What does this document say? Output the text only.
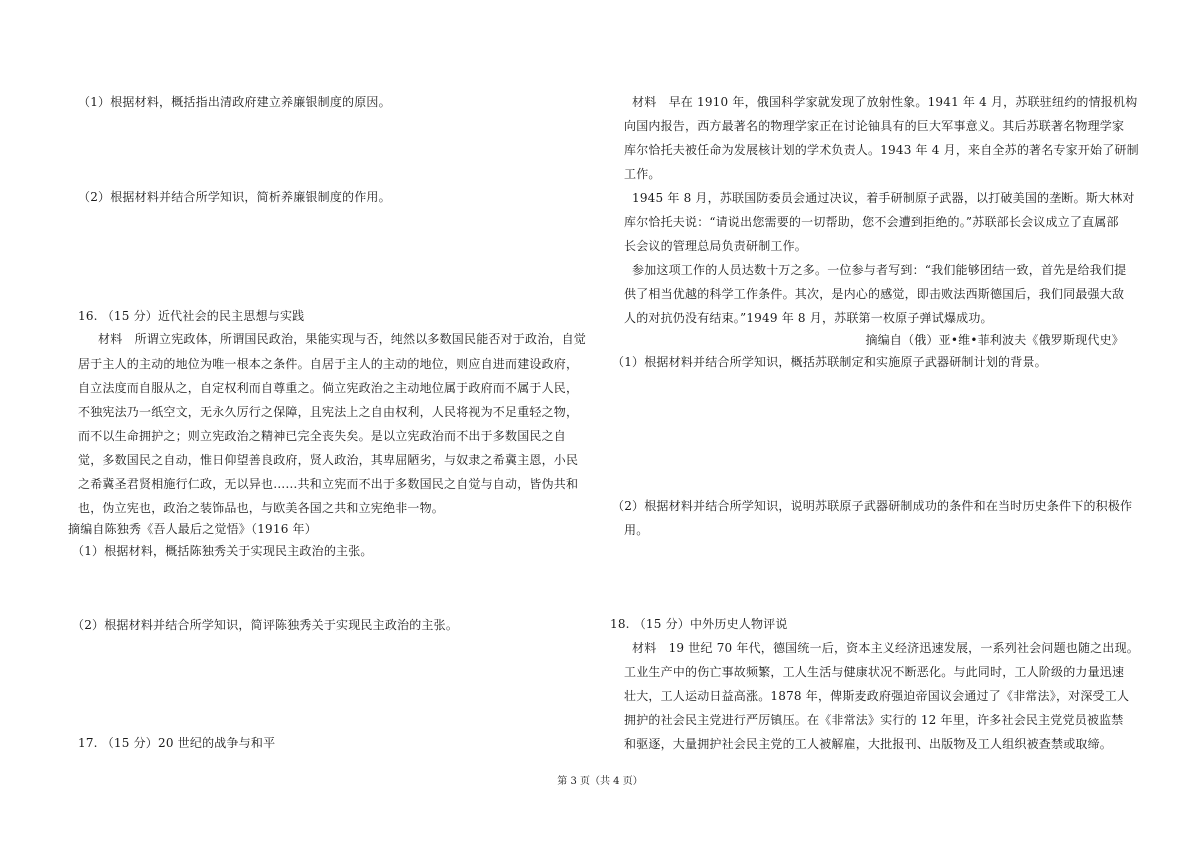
（1）根据材料，概括指出清政府建立养廉银制度的原因。
（2）根据材料并结合所学知识，简析养廉银制度的作用。
16. （15 分）近代社会的民主思想与实践
材料　所谓立宪政体，所谓国民政治，果能实现与否，纯然以多数国民能否对于政治，自觉
居于主人的主动的地位为唯一根本之条件。自居于主人的主动的地位，则应自进而建设政府，
自立法度而自服从之，自定权利而自尊重之。倘立宪政治之主动地位属于政府而不属于人民，
不独宪法乃一纸空文，无永久厉行之保障，且宪法上之自由权利，人民将视为不足重轻之物，
而不以生命拥护之；则立宪政治之精神已完全丧失矣。是以立宪政治而不出于多数国民之自
觉，多数国民之自动，惟日仰望善良政府，贤人政治，其卑屈陋劣，与奴隶之希冀主恩，小民
之希冀圣君贤相施行仁政，无以异也……共和立宪而不出于多数国民之自觉与自动，皆伪共和
也，伪立宪也，政治之装饰品也，与欧美各国之共和立宪绝非一物。
摘编自陈独秀《吾人最后之觉悟》（1916 年）
（1）根据材料，概括陈独秀关于实现民主政治的主张。
（2）根据材料并结合所学知识，简评陈独秀关于实现民主政治的主张。
17. （15 分）20 世纪的战争与和平
材料　早在 1910 年，俄国科学家就发现了放射性象。1941 年 4 月，苏联驻纽约的情报机构
向国内报告，西方最著名的物理学家正在讨论铀具有的巨大军事意义。其后苏联著名物理学家
库尔恰托夫被任命为发展核计划的学术负责人。1943 年 4 月，来自全苏的著名专家开始了研制
工作。
1945 年 8 月，苏联国防委员会通过决议，着手研制原子武器，以打破美国的垄断。斯大林对
库尔恰托夫说：“请说出您需要的一切帮助，您不会遭到拒绝的。”苏联部长会议成立了直属部
长会议的管理总局负责研制工作。
参加这项工作的人员达数十万之多。一位参与者写到：“我们能够团结一致，首先是给我们提
供了相当优越的科学工作条件。其次，是内心的感觉，即击败法西斯德国后，我们同最强大敌
人的对抗仍没有结束。”1949 年 8 月，苏联第一枚原子弹试爆成功。
摘编自（俄）亚•维•菲利波夫《俄罗斯现代史》
（1）根据材料并结合所学知识，概括苏联制定和实施原子武器研制计划的背景。
（2）根据材料并结合所学知识，说明苏联原子武器研制成功的条件和在当时历史条件下的积极作
用。
18. （15 分）中外历史人物评说
材料　19 世纪 70 年代，德国统一后，资本主义经济迅速发展，一系列社会问题也随之出现。
工业生产中的伤亡事故频繁，工人生活与健康状况不断恶化。与此同时，工人阶级的力量迅速
壮大，工人运动日益高涨。1878 年，俾斯麦政府强迫帝国议会通过了《非常法》，对深受工人
拥护的社会民主党进行严厉镇压。在《非常法》实行的 12 年里，许多社会民主党党员被监禁
和驱逐，大量拥护社会民主党的工人被解雇，大批报刊、出版物及工人组织被查禁或取缔。
第 3 页（共 4 页）
